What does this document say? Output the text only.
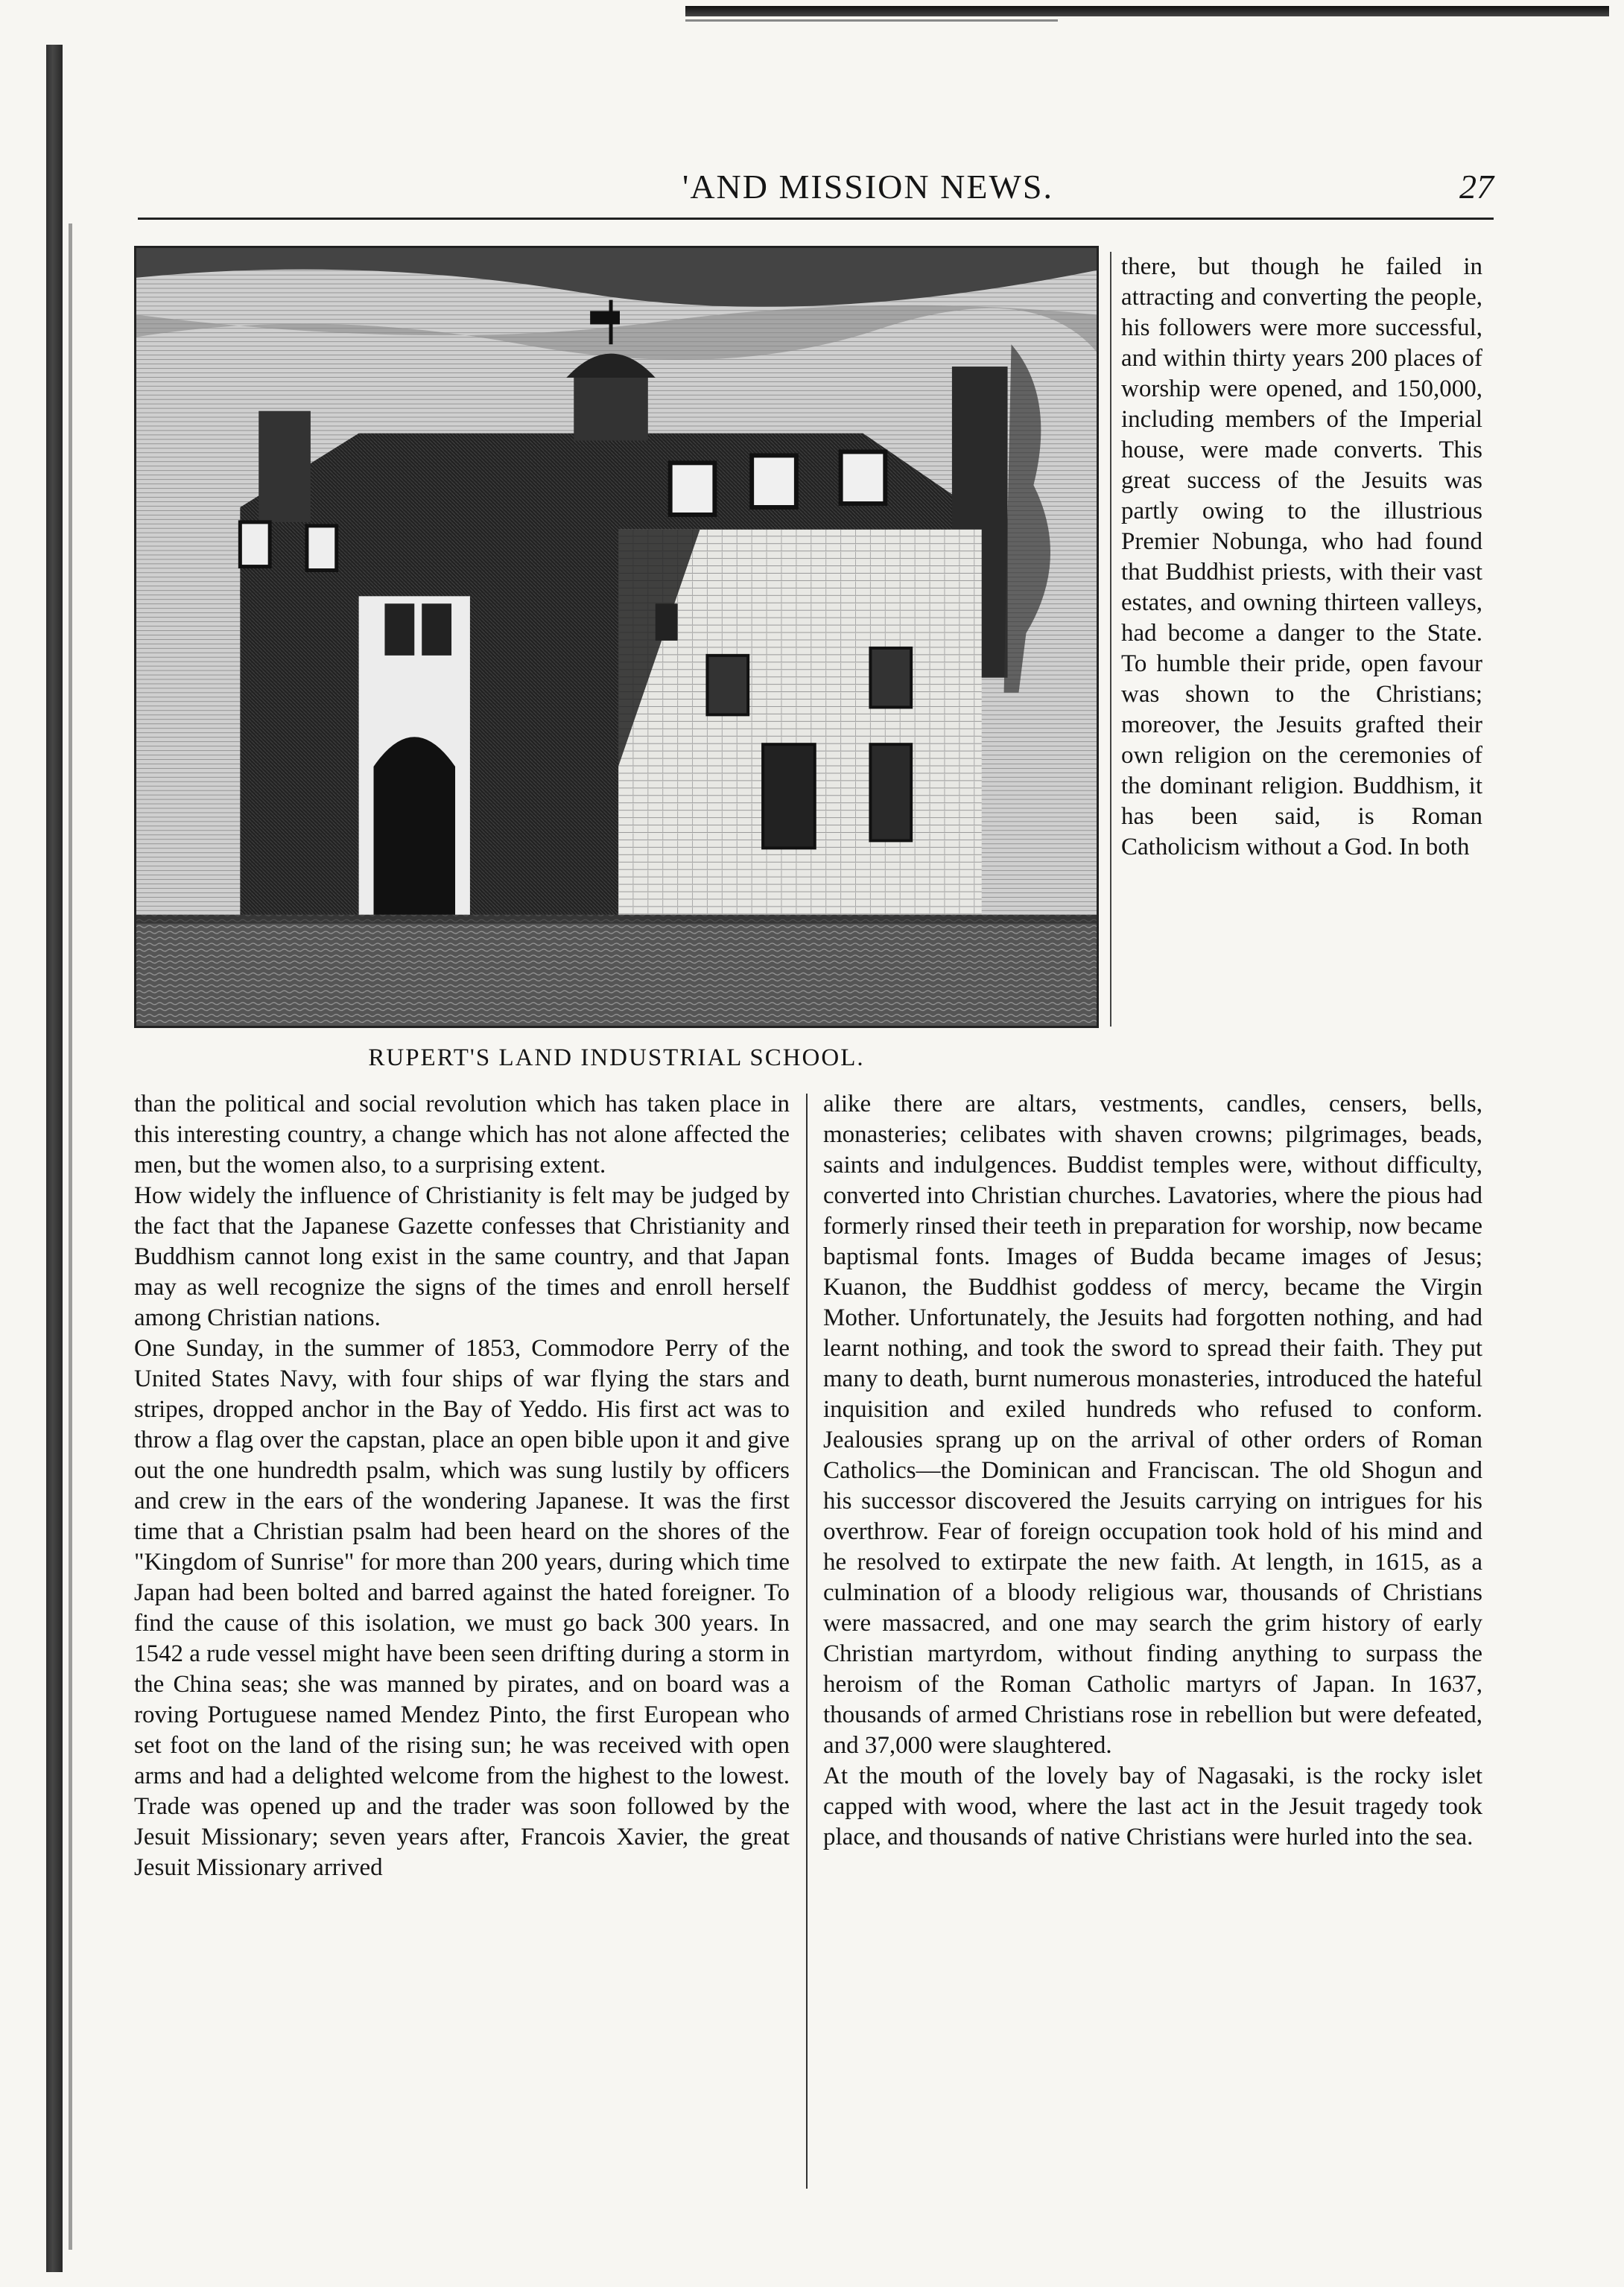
'AND MISSION NEWS.	27
RUPERT'S LAND INDUSTRIAL SCHOOL.

there, but though he failed in attracting and converting the people, his followers were more successful, and within thirty years 200 places of worship were opened, and 150,000, including members of the Imperial house, were made converts. This great success of the Jesuits was partly owing to the illustrious Premier Nobunga, who had found that Buddhist priests, with their vast estates, and owning thirteen valleys, had become a danger to the State. To humble their pride, open favour was shown to the Christians; moreover, the Jesuits grafted their own religion on the ceremonies of the dominant religion. Buddhism, it has been said, is Roman Catholicism without a God. In both

than the political and social revolution which has taken place in this interesting country, a change which has not alone affected the men, but the women also, to a surprising extent.
How widely the influence of Christianity is felt may be judged by the fact that the Japanese Gazette confesses that Christianity and Buddhism cannot long exist in the same country, and that Japan may as well recognize the signs of the times and enroll herself among Christian nations.
One Sunday, in the summer of 1853, Commodore Perry of the United States Navy, with four ships of war flying the stars and stripes, dropped anchor in the Bay of Yeddo. His first act was to throw a flag over the capstan, place an open bible upon it and give out the one hundredth psalm, which was sung lustily by officers and crew in the ears of the wondering Japanese. It was the first time that a Christian psalm had been heard on the shores of the "Kingdom of Sunrise" for more than 200 years, during which time Japan had been bolted and barred against the hated foreigner. To find the cause of this isolation, we must go back 300 years. In 1542 a rude vessel might have been seen drifting during a storm in the China seas; she was manned by pirates, and on board was a roving Portuguese named Mendez Pinto, the first European who set foot on the land of the rising sun; he was received with open arms and had a delighted welcome from the highest to the lowest. Trade was opened up and the trader was soon followed by the Jesuit Missionary; seven years after, Francois Xavier, the great Jesuit Missionary arrived

alike there are altars, vestments, candles, censers, bells, monasteries; celibates with shaven crowns; pilgrimages, beads, saints and indulgences. Buddist temples were, without difficulty, converted into Christian churches. Lavatories, where the pious had formerly rinsed their teeth in preparation for worship, now became baptismal fonts. Images of Budda became images of Jesus; Kuanon, the Buddhist goddess of mercy, became the Virgin Mother. Unfortunately, the Jesuits had forgotten nothing, and had learnt nothing, and took the sword to spread their faith. They put many to death, burnt numerous monasteries, introduced the hateful inquisition and exiled hundreds who refused to conform. Jealousies sprang up on the arrival of other orders of Roman Catholics—the Dominican and Franciscan. The old Shogun and his successor discovered the Jesuits carrying on intrigues for his overthrow. Fear of foreign occupation took hold of his mind and he resolved to extirpate the new faith. At length, in 1615, as a culmination of a bloody religious war, thousands of Christians were massacred, and one may search the grim history of early Christian martyrdom, without finding anything to surpass the heroism of the Roman Catholic martyrs of Japan. In 1637, thousands of armed Christians rose in rebellion but were defeated, and 37,000 were slaughtered.
At the mouth of the lovely bay of Nagasaki, is the rocky islet capped with wood, where the last act in the Jesuit tragedy took place, and thousands of native Christians were hurled into the sea.
